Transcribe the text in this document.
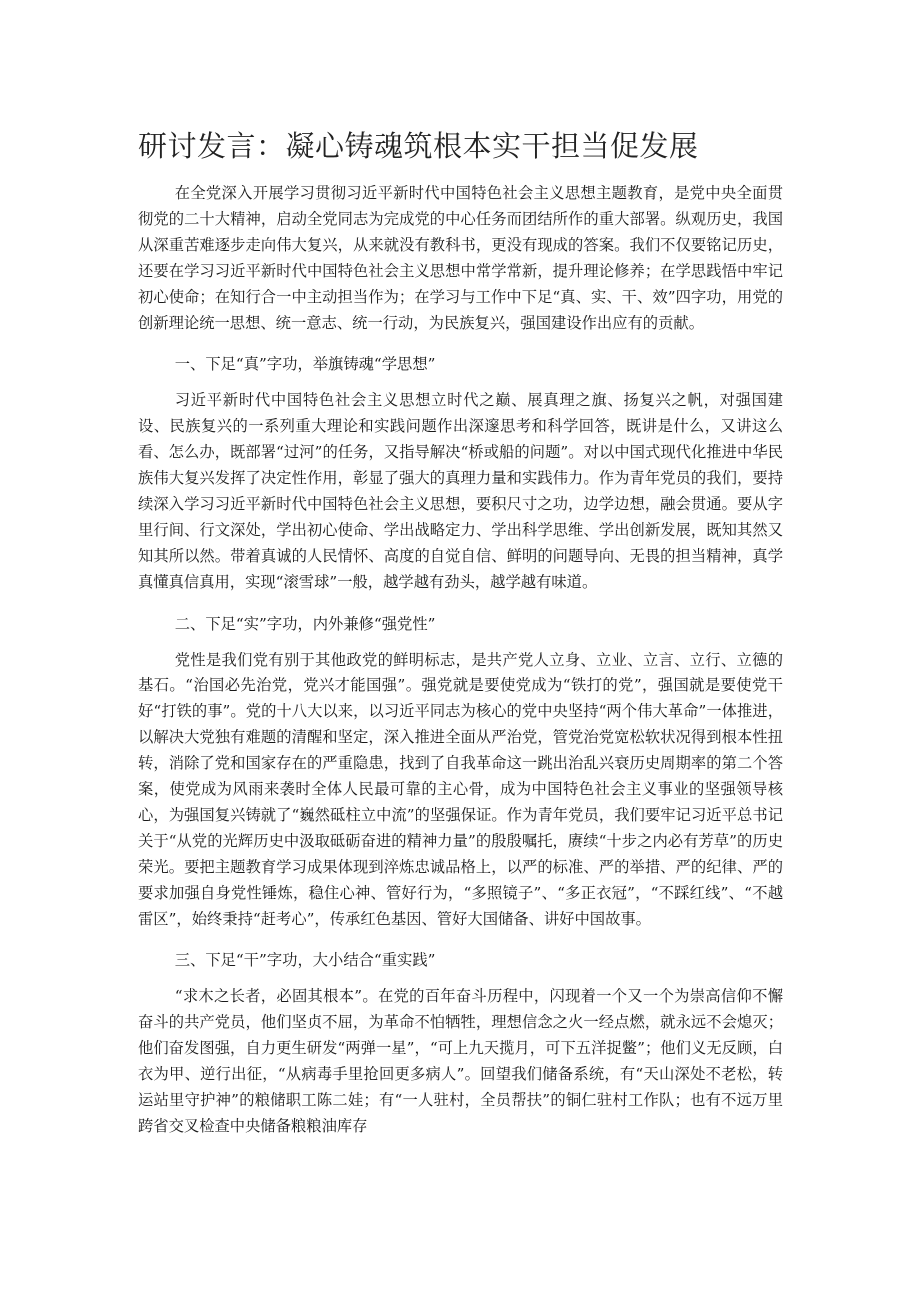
研讨发言：凝心铸魂筑根本实干担当促发展

在全党深入开展学习贯彻习近平新时代中国特色社会主义思想主题教育，是党中央全面贯彻党的二十大精神，启动全党同志为完成党的中心任务而团结所作的重大部署。纵观历史，我国从深重苦难逐步走向伟大复兴，从来就没有教科书，更没有现成的答案。我们不仅要铭记历史，还要在学习习近平新时代中国特色社会主义思想中常学常新，提升理论修养；在学思践悟中牢记初心使命；在知行合一中主动担当作为；在学习与工作中下足“真、实、干、效”四字功，用党的创新理论统一思想、统一意志、统一行动，为民族复兴，强国建设作出应有的贡献。

一、下足“真”字功，举旗铸魂“学思想”

习近平新时代中国特色社会主义思想立时代之巅、展真理之旗、扬复兴之帆，对强国建设、民族复兴的一系列重大理论和实践问题作出深邃思考和科学回答，既讲是什么，又讲这么看、怎么办，既部署“过河”的任务，又指导解决“桥或船的问题”。对以中国式现代化推进中华民族伟大复兴发挥了决定性作用，彰显了强大的真理力量和实践伟力。作为青年党员的我们，要持续深入学习习近平新时代中国特色社会主义思想，要积尺寸之功，边学边想，融会贯通。要从字里行间、行文深处，学出初心使命、学出战略定力、学出科学思维、学出创新发展，既知其然又知其所以然。带着真诚的人民情怀、高度的自觉自信、鲜明的问题导向、无畏的担当精神，真学真懂真信真用，实现“滚雪球”一般，越学越有劲头，越学越有味道。

二、下足“实”字功，内外兼修“强党性”

党性是我们党有别于其他政党的鲜明标志，是共产党人立身、立业、立言、立行、立德的基石。“治国必先治党，党兴才能国强”。强党就是要使党成为“铁打的党”，强国就是要使党干好“打铁的事”。党的十八大以来，以习近平同志为核心的党中央坚持“两个伟大革命”一体推进，以解决大党独有难题的清醒和坚定，深入推进全面从严治党，管党治党宽松软状况得到根本性扭转，消除了党和国家存在的严重隐患，找到了自我革命这一跳出治乱兴衰历史周期率的第二个答案，使党成为风雨来袭时全体人民最可靠的主心骨，成为中国特色社会主义事业的坚强领导核心，为强国复兴铸就了“巍然砥柱立中流”的坚强保证。作为青年党员，我们要牢记习近平总书记关于“从党的光辉历史中汲取砥砺奋进的精神力量”的殷殷嘱托，赓续“十步之内必有芳草”的历史荣光。要把主题教育学习成果体现到淬炼忠诚品格上，以严的标准、严的举措、严的纪律、严的要求加强自身党性锤炼，稳住心神、管好行为，“多照镜子”、“多正衣冠”，“不踩红线”、“不越雷区”，始终秉持“赶考心”，传承红色基因、管好大国储备、讲好中国故事。

三、下足“干”字功，大小结合“重实践”

“求木之长者，必固其根本”。在党的百年奋斗历程中，闪现着一个又一个为崇高信仰不懈奋斗的共产党员，他们坚贞不屈，为革命不怕牺牲，理想信念之火一经点燃，就永远不会熄灭；他们奋发图强，自力更生研发“两弹一星”，“可上九天揽月，可下五洋捉鳖”；他们义无反顾，白衣为甲、逆行出征，“从病毒手里抢回更多病人”。回望我们储备系统，有“天山深处不老松，转运站里守护神”的粮储职工陈二娃；有“一人驻村，全员帮扶”的铜仁驻村工作队；也有不远万里跨省交叉检查中央储备粮粮油库存
